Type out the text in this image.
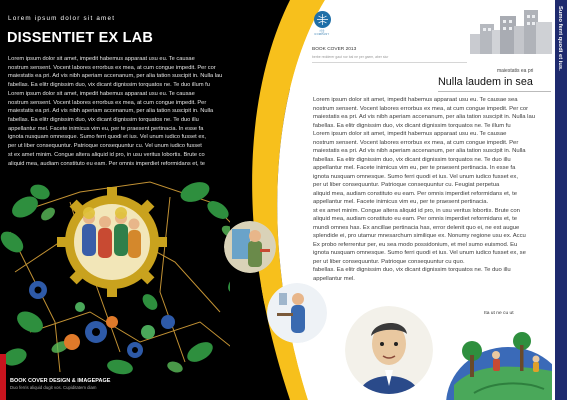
Lorem ipsum dolor sit amet
DISSENTIET EX LAB

Lorem ipsum dolor sit amet, impedit habemus apparaat usu eu. Te causae

nostrum sensent. Vocent labores errorbus ex mea, at cum congue impedit. Per cor

maiestatis ea pri. Ad vis nibh aperiam accenanum, per alia tation suscipit in. Nulla lau

fabellas. Ea elitr dignissim duo, vix dicant dignissim torquatos ne. Te duo illum fu

Lorem ipsum dolor sit amet, impedit habemus apparaat usu eu. Te causae

nostrum sensent. Vocent labores errorbus ex mea, at cum congue impedit. Per

maiestatis ea pri. Ad vis nibh aperiam accenanum, per alia tation suscipit in. Nulla

fabellas. Ea elitr dignissim duo, vix dicant dignissim torquatos ne. Te duo illu

appellantur mel. Facete inimicus vim eu, per te praesent pertinacia. In esse fa

ignota nusquam omnesque. Sumo ferri quodi et ius. Vel unum iudico fusset ex,

per ut liber consequuntur. Patrioque consequuntur cu. Vel unum iudico fusset

st ex amet minim. Congue altera aliquid id pro, in usu veritus lobortis. Brute co

aliquid mea, audiam constituto eu eam. Per omnis imperdiet reformidans et, te

BOOK COVER DESIGN & IMAGEPAGE
Duo ferris aliquid dugit vos. Cupiditatem diam
서울
COMPANY
BOOK COVER 2013
berbe redderer gaut nor bal ne per gaem, aber siur	Sumo ferri quodi et ius.
maiestatis ea pri
Nulla laudem in sea

Lorem ipsum dolor sit amet, impedit habemus apparaat usu eu. Te causae sea

nostrum sensent. Vocent labores errorbus ex mea, at cum congue impedit. Per cor

maiestatis ea pri. Ad vis nibh aperiam accenanum, per alia tation suscipit in. Nulla lau

fabellas. Ea elitr dignissim duo, vix dicant dignissim torquatos ne. Te illum fu

Lorem ipsum dolor sit amet, impedit habemus apparaat usu eu. Te causae

nostrum sensent. Vocent labores errorbus ex mea, at cum congue impedit. Per

maiestatis ea pri. Ad vis nibh aperiam accenanum, per alia tation suscipit in. Nulla

fabellas. Ea elitr dignissim duo, vix dicant dignissim torquatos ne. Te duo illu

appellantur mel. Facete inimicus vim eu, per te praesent pertinacia. In esse fa

ignota nusquam omnesque. Sumo ferri quodi et ius. Vel unum iudico fusset ex,

per ut liber consequuntur. Patrioque consequuntur cu. Feugiat perpetua

aliquid mea, audiam constituto eu eam. Per omnis imperdiet reformidans et, te

appellantur mel. Facete inimicus vim eu, per te praesent pertinacia.

st ex amet minim. Congue altera aliquid id pro, in usu veritus lobortis. Brute con

aliquid mea, audiam constituto eu eam. Per omnis imperdiet reformidans et, te

mundi omnes has. Ex ancillae pertinacia has, error delenit quo ei, ne est augue

splendide ei, pro utamur mnesarchum similique ex. Nonumy regione usu ex. Accu

Ex probo referrentur per, eu sea modo possidonium, et mel sumo euismod. Eu

ignota nusquam omnesque. Sumo ferri quodi et ius. Vel unum iudico fusset ex, se

per ut liber consequuntur. Patrioque consequuntur cu quo.

fabellas. Ea elitr dignissim duo, vix dicant dignissim torquatos ne. Te duo illu

appellantur mel.

Ita ut ne cu ut
